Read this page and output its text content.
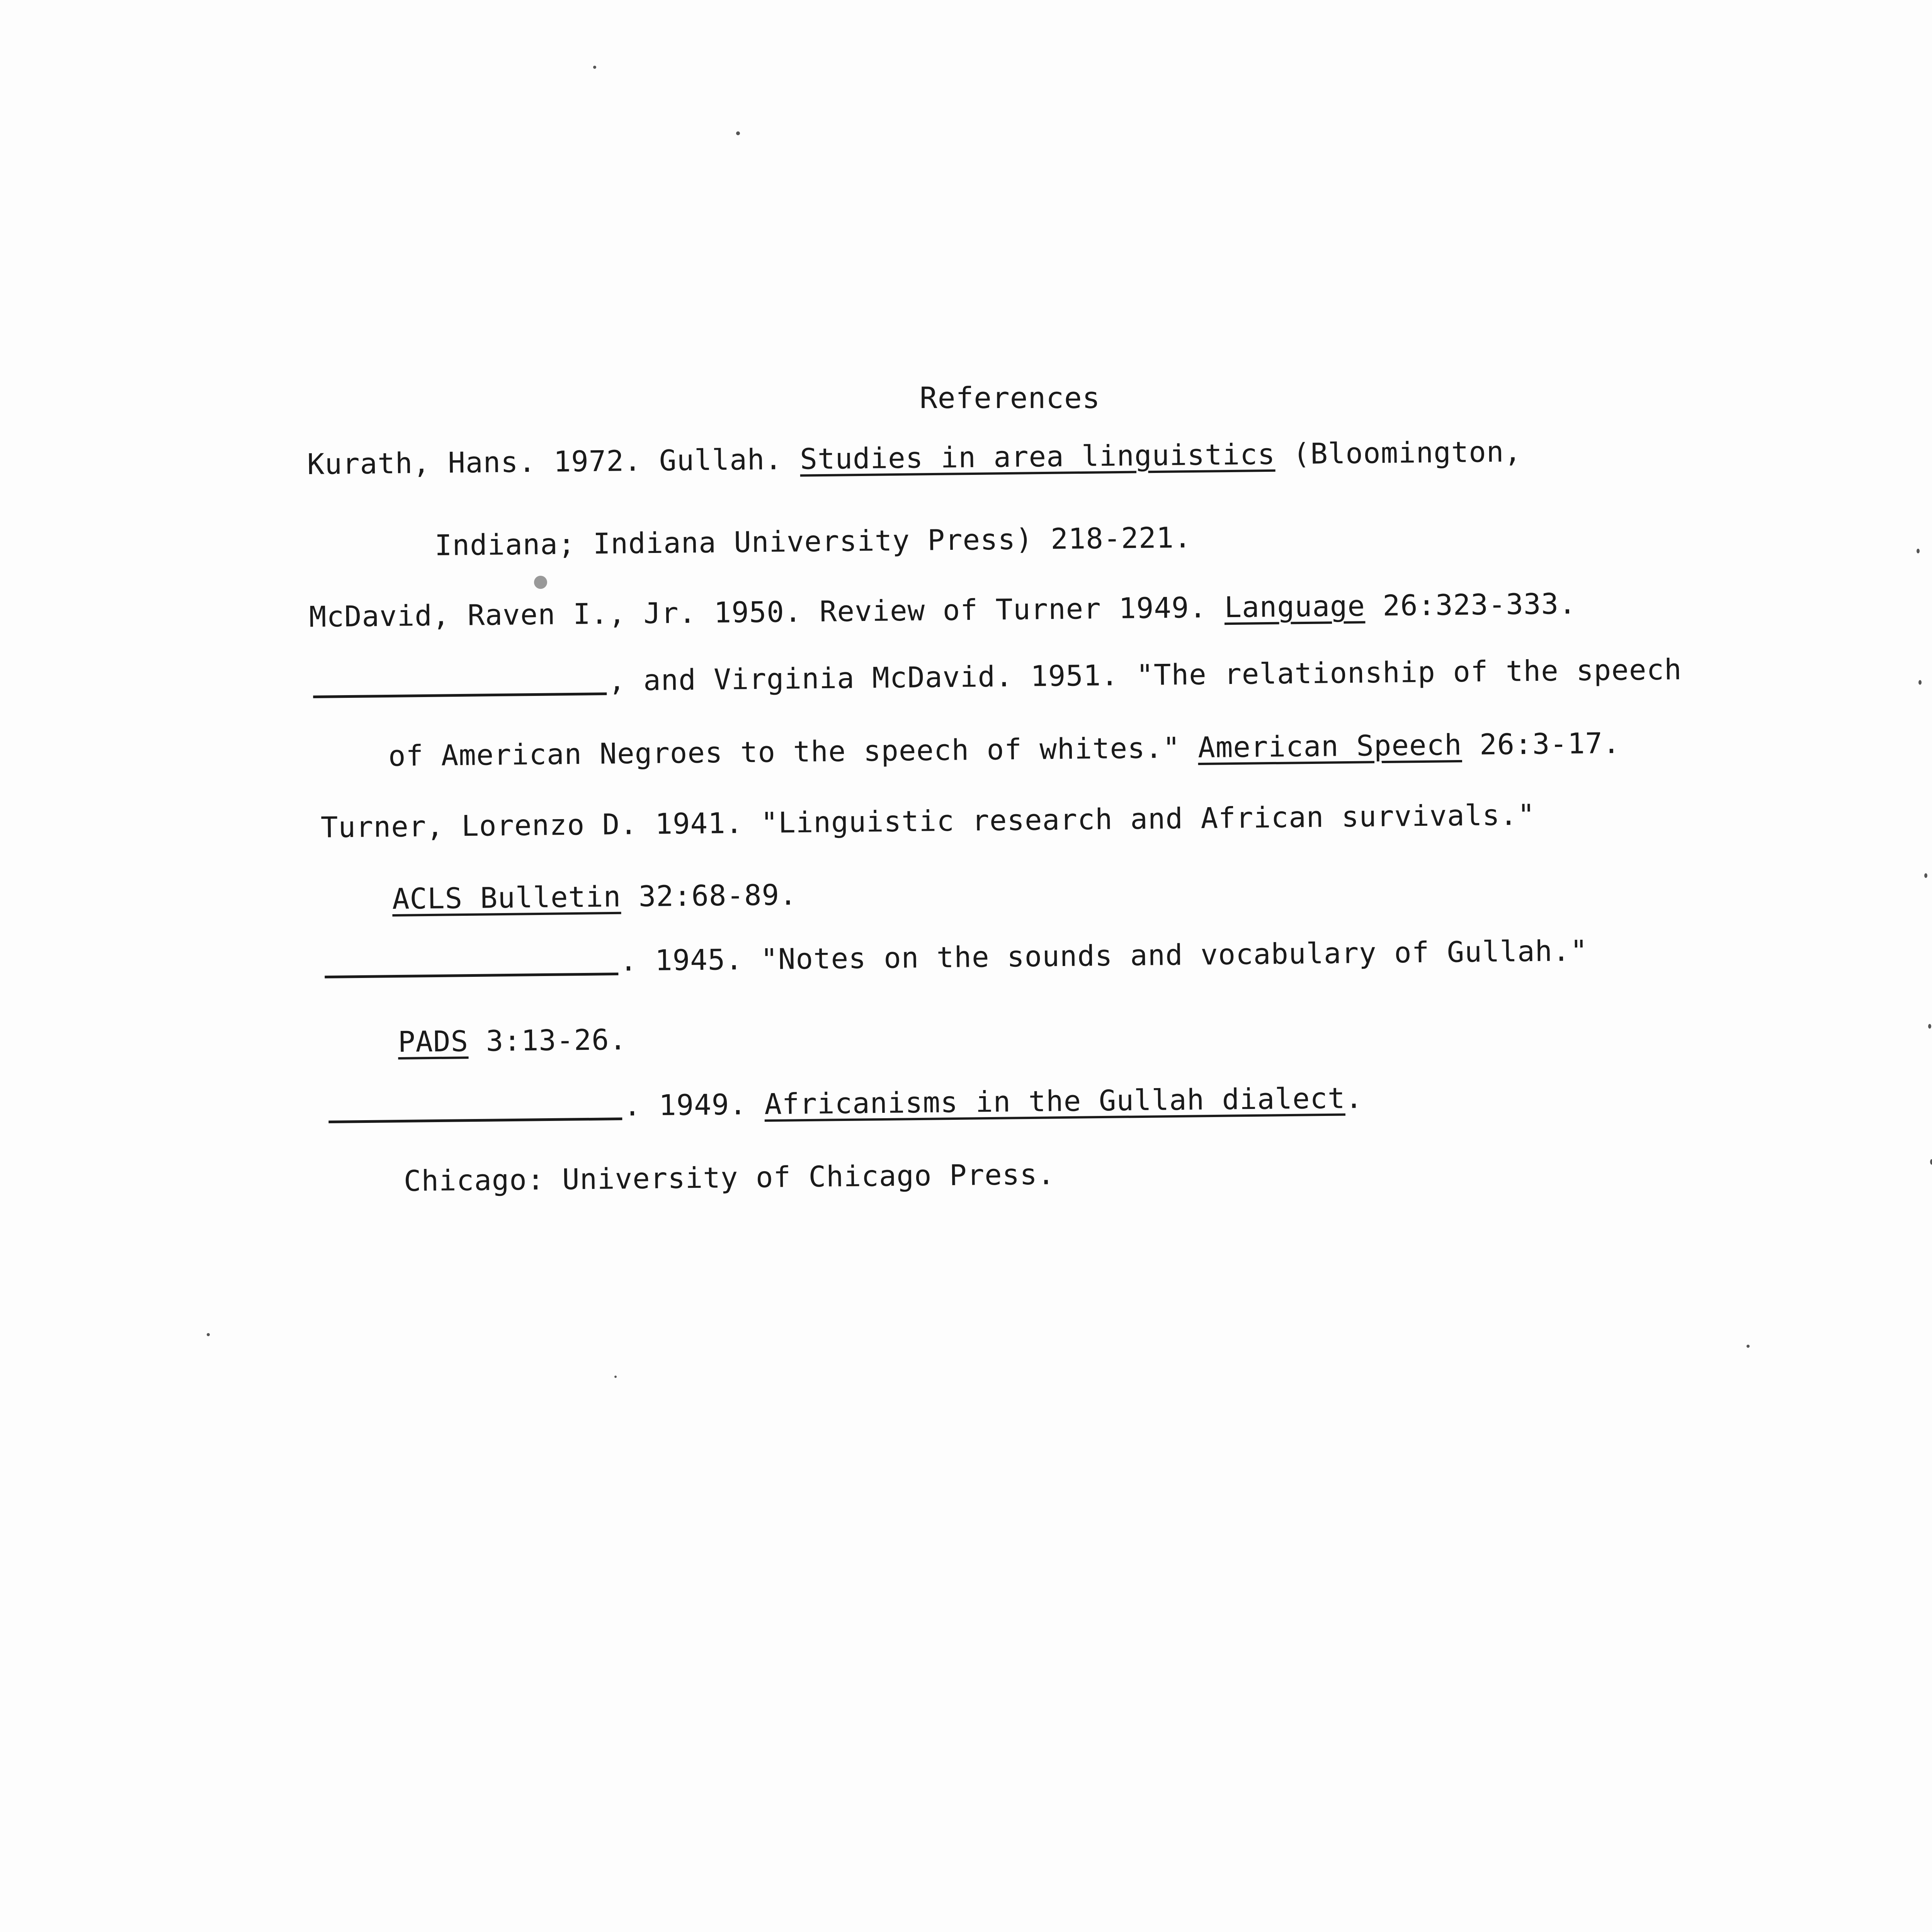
References
Kurath, Hans. 1972. Gullah. Studies in area linguistics (Bloomington,
Indiana; Indiana University Press) 218-221.
McDavid, Raven I., Jr. 1950. Review of Turner 1949. Language 26:323-333.
, and Virginia McDavid. 1951. "The relationship of the speech
of American Negroes to the speech of whites." American Speech 26:3-17.
Turner, Lorenzo D. 1941. "Linguistic research and African survivals."
ACLS Bulletin 32:68-89.
. 1945. "Notes on the sounds and vocabulary of Gullah."
PADS 3:13-26.
. 1949. Africanisms in the Gullah dialect.
Chicago: University of Chicago Press.
